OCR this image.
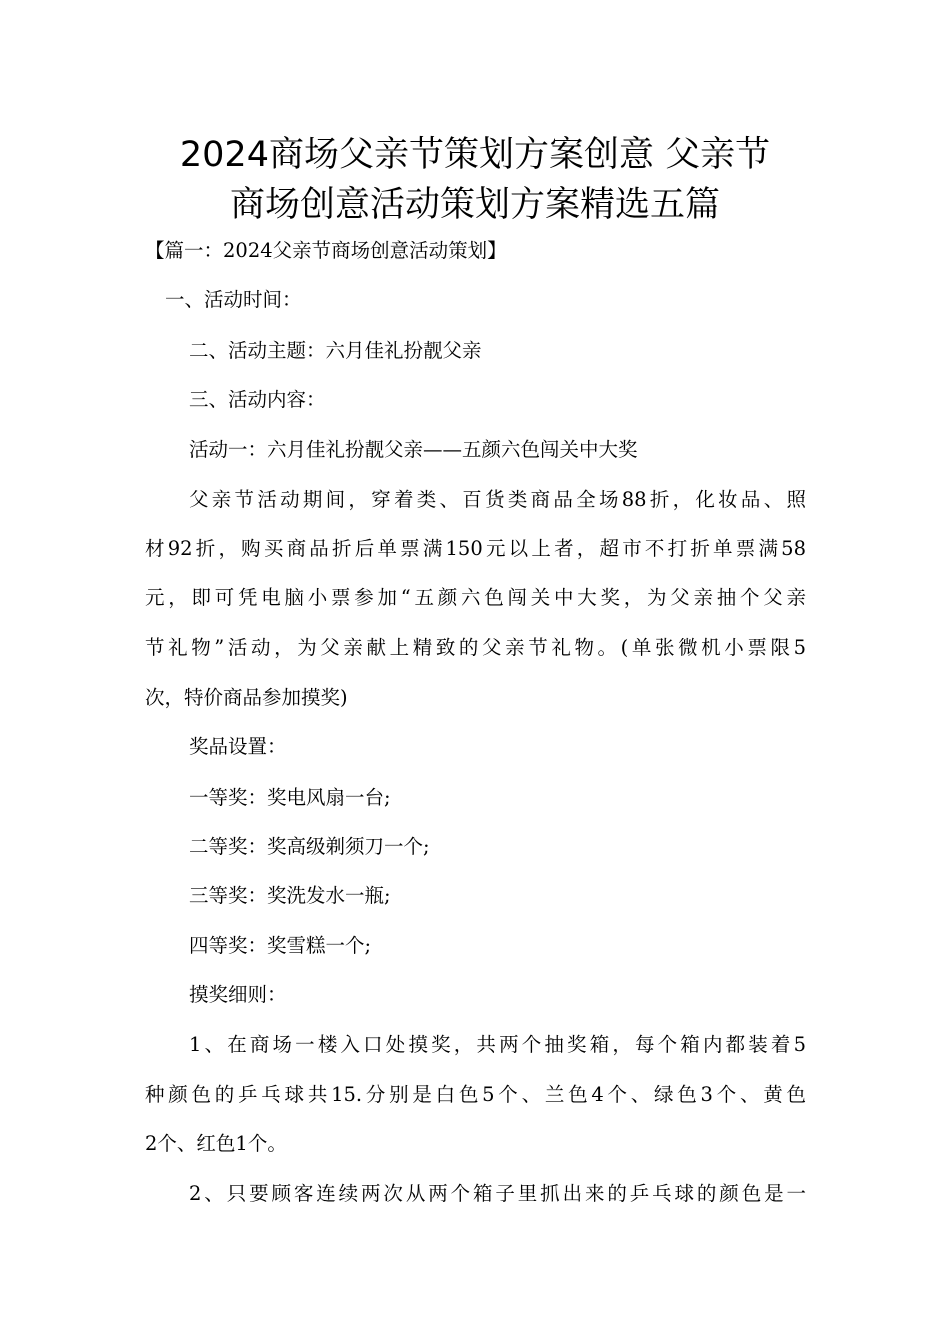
2024商场父亲节策划方案创意 父亲节
商场创意活动策划方案精选五篇

【篇一：2024父亲节商场创意活动策划】

一、活动时间：

二、活动主题：六月佳礼扮靓父亲

三、活动内容：

活动一：六月佳礼扮靓父亲——五颜六色闯关中大奖

父亲节活动期间，穿着类、百货类商品全场88折，化妆品、照

材92折，购买商品折后单票满150元以上者，超市不打折单票满58

元，即可凭电脑小票参加“五颜六色闯关中大奖，为父亲抽个父亲

节礼物”活动，为父亲献上精致的父亲节礼物。(单张微机小票限5

次，特价商品参加摸奖)

奖品设置：

一等奖：奖电风扇一台;

二等奖：奖高级剃须刀一个;

三等奖：奖洗发水一瓶;

四等奖：奖雪糕一个;

摸奖细则：

1、在商场一楼入口处摸奖，共两个抽奖箱，每个箱内都装着5

种颜色的乒乓球共15.分别是白色5个、兰色4个、绿色3个、黄色

2个、红色1个。

2、只要顾客连续两次从两个箱子里抓出来的乒乓球的颜色是一
